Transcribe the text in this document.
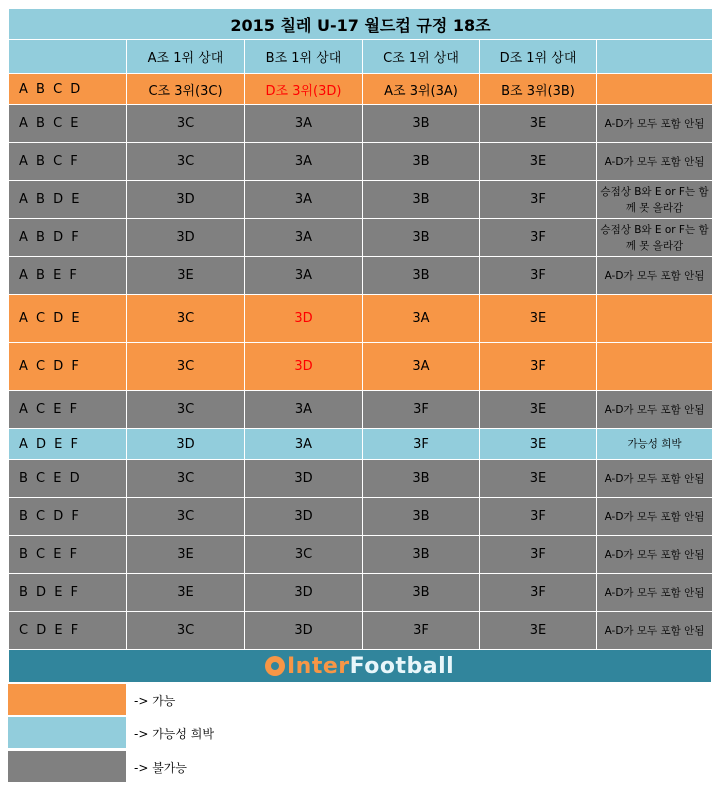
2015 칠레 U-17 월드컵 규정 18조					
	A조 1위 상대	B조 1위 상대	C조 1위 상대	D조 1위 상대	
A B C D	C조 3위(3C)	D조 3위(3D)	A조 3위(3A)	B조 3위(3B)	
A B C E	3C	3A	3B	3E	A-D가 모두 포함 안됨
A B C F	3C	3A	3B	3E	A-D가 모두 포함 안됨
A B D E	3D	3A	3B	3F	승점상 B와 E or F는 함께 못 올라감
A B D F	3D	3A	3B	3F	승점상 B와 E or F는 함께 못 올라감
A B E F	3E	3A	3B	3F	A-D가 모두 포함 안됨
A C D E	3C	3D	3A	3E	
A C D F	3C	3D	3A	3F	
A C E F	3C	3A	3F	3E	A-D가 모두 포함 안됨
A D E F	3D	3A	3F	3E	가능성 희박
B C E D	3C	3D	3B	3E	A-D가 모두 포함 안됨
B C D F	3C	3D	3B	3F	A-D가 모두 포함 안됨
B C E F	3E	3C	3B	3F	A-D가 모두 포함 안됨
B D E F	3E	3D	3B	3F	A-D가 모두 포함 안됨
C D E F	3C	3D	3F	3E	A-D가 모두 포함 안됨
Inter Football
-> 가능
-> 가능성 희박
-> 불가능
